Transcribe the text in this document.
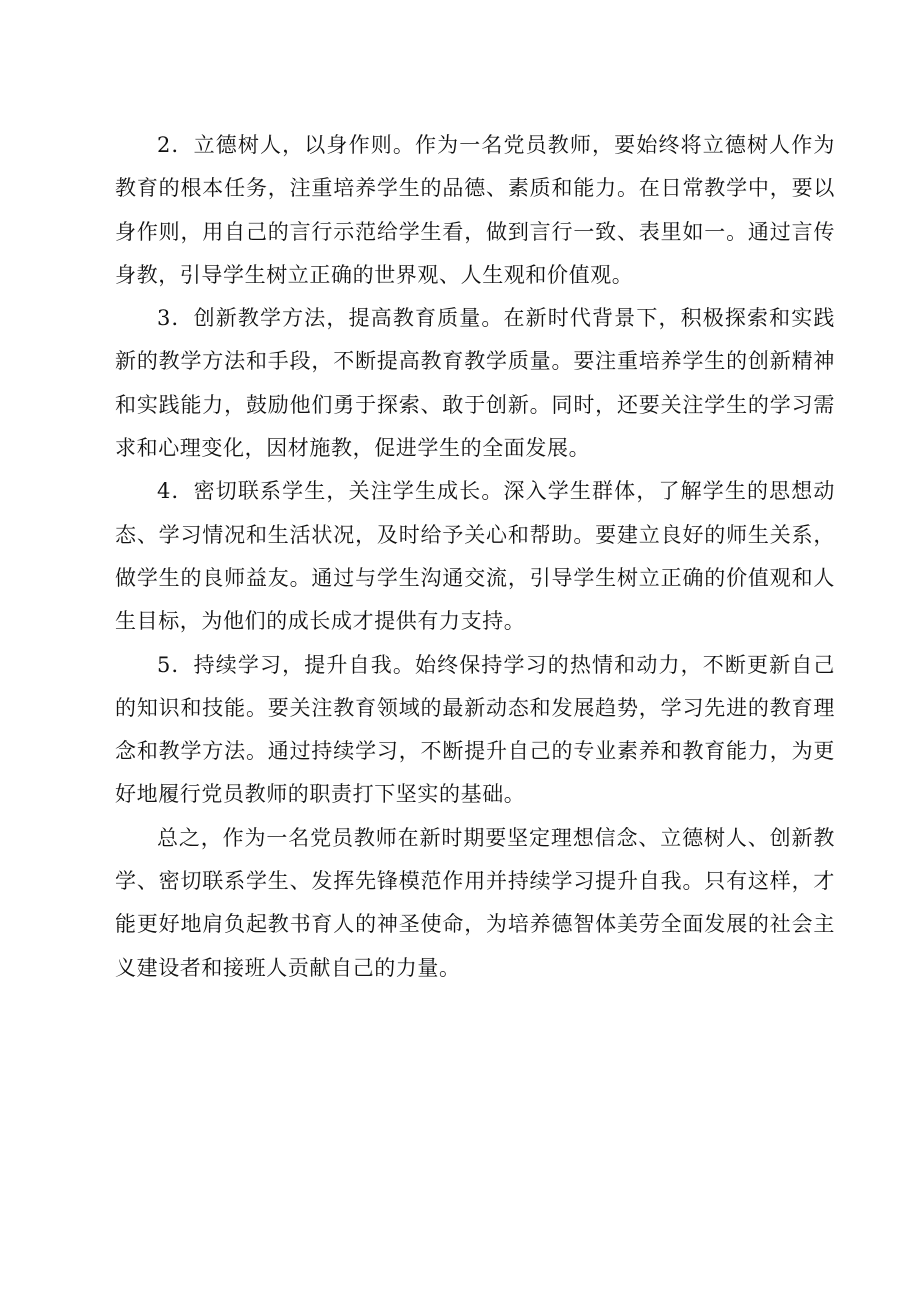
2．立德树人，以身作则。作为一名党员教师，要始终将立德树人作为教育的根本任务，注重培养学生的品德、素质和能力。在日常教学中，要以身作则，用自己的言行示范给学生看，做到言行一致、表里如一。通过言传身教，引导学生树立正确的世界观、人生观和价值观。

3．创新教学方法，提高教育质量。在新时代背景下，积极探索和实践新的教学方法和手段，不断提高教育教学质量。要注重培养学生的创新精神和实践能力，鼓励他们勇于探索、敢于创新。同时，还要关注学生的学习需求和心理变化，因材施教，促进学生的全面发展。

4．密切联系学生，关注学生成长。深入学生群体，了解学生的思想动态、学习情况和生活状况，及时给予关心和帮助。要建立良好的师生关系，做学生的良师益友。通过与学生沟通交流，引导学生树立正确的价值观和人生目标，为他们的成长成才提供有力支持。

5．持续学习，提升自我。始终保持学习的热情和动力，不断更新自己的知识和技能。要关注教育领域的最新动态和发展趋势，学习先进的教育理念和教学方法。通过持续学习，不断提升自己的专业素养和教育能力，为更好地履行党员教师的职责打下坚实的基础。

总之，作为一名党员教师在新时期要坚定理想信念、立德树人、创新教学、密切联系学生、发挥先锋模范作用并持续学习提升自我。只有这样，才能更好地肩负起教书育人的神圣使命，为培养德智体美劳全面发展的社会主义建设者和接班人贡献自己的力量。
